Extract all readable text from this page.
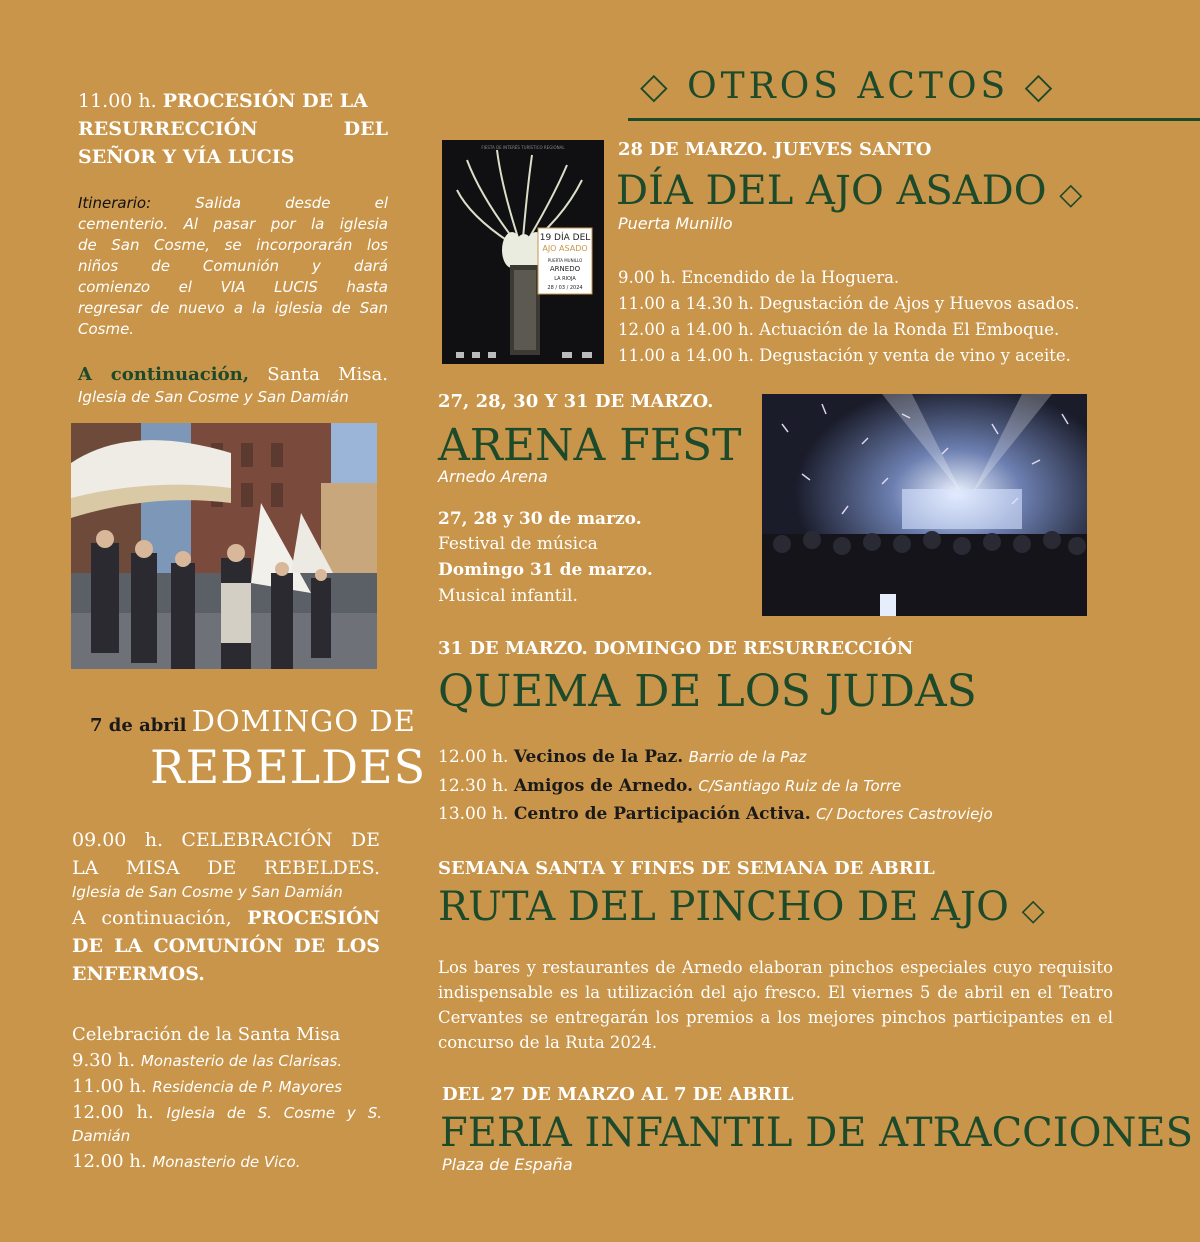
11.00 h. PROCESIÓN DE LA
RESURRECCIÓN DEL
SEÑOR Y VÍA LUCIS
Itinerario:	Salida desde el
cementerio. Al pasar por la iglesia
de San Cosme, se incorporarán los
niños de Comunión y dará
comienzo el VIA LUCIS hasta
regresar de nuevo a la iglesia de San
Cosme.
A continuación, Santa Misa.
Iglesia de San Cosme y San Damián
7 de abril DOMINGO DE
REBELDES
09.00 h. CELEBRACIÓN DE
LA MISA DE REBELDES.
Iglesia de San Cosme y San Damián
A continuación, PROCESIÓN
DE LA COMUNIÓN DE LOS
ENFERMOS.
Celebración de la Santa Misa
9.30 h. Monasterio de las Clarisas.
11.00 h. Residencia de P. Mayores
12.00 h. Iglesia de S. Cosme y S.
Damián
12.00 h. Monasterio de Vico.
◇ OTROS ACTOS ◇
19 DÍA DEL
AJO ASADO
PUERTA MUNILLO
ARNEDO
LA RIOJA
28 / 03 / 2024
FIESTA DE INTERÉS TURÍSTICO REGIONAL	28 DE MARZO. JUEVES SANTO
DÍA DEL AJO ASADO ◇
Puerta Munillo
9.00 h. Encendido de la Hoguera.
11.00 a 14.30 h. Degustación de Ajos y Huevos asados.
12.00 a 14.00 h. Actuación de la Ronda El Emboque.
11.00 a 14.00 h. Degustación y venta de vino y aceite.
27, 28, 30 Y 31 DE MARZO.
ARENA FEST
Arnedo Arena
27, 28 y 30 de marzo.
Festival de música
Domingo 31 de marzo.
Musical infantil.
31 DE MARZO. DOMINGO DE RESURRECCIÓN
QUEMA DE LOS JUDAS
12.00 h. Vecinos de la Paz. Barrio de la Paz
12.30 h. Amigos de Arnedo. C/Santiago Ruiz de la Torre
13.00 h. Centro de Participación Activa. C/ Doctores Castroviejo
SEMANA SANTA Y FINES DE SEMANA DE ABRIL
RUTA DEL PINCHO DE AJO ◇
Los bares y restaurantes de Arnedo elaboran pinchos especiales cuyo requisito
indispensable es la utilización del ajo fresco. El viernes 5 de abril en el Teatro
Cervantes se entregarán los premios a los mejores pinchos participantes en el
concurso de la Ruta 2024.
DEL 27 DE MARZO AL 7 DE ABRIL
FERIA INFANTIL DE ATRACCIONES
Plaza de España
